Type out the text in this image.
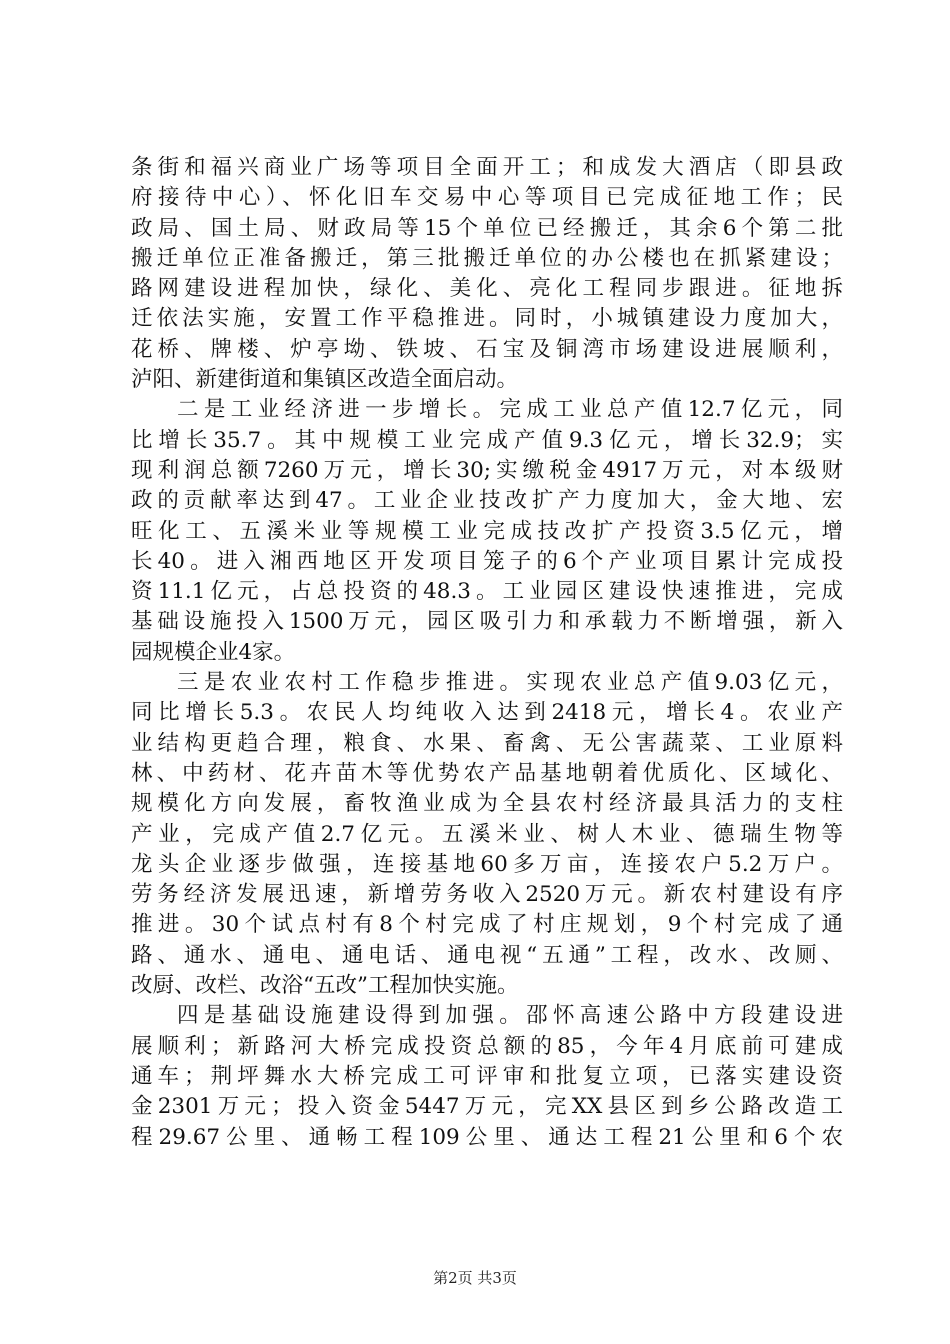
条街和福兴商业广场等项目全面开工；和成发大酒店（即县政
府接待中心）、怀化旧车交易中心等项目已完成征地工作；民
政局、国土局、财政局等15个单位已经搬迁，其余6个第二批
搬迁单位正准备搬迁，第三批搬迁单位的办公楼也在抓紧建设；
路网建设进程加快，绿化、美化、亮化工程同步跟进。征地拆
迁依法实施，安置工作平稳推进。同时，小城镇建设力度加大，
花桥、牌楼、炉亭坳、铁坡、石宝及铜湾市场建设进展顺利，
泸阳、新建街道和集镇区改造全面启动。
二是工业经济进一步增长。完成工业总产值12.7亿元，同
比增长35.7。其中规模工业完成产值9.3亿元，增长32.9；实
现利润总额7260万元，增长30;实缴税金4917万元，对本级财
政的贡献率达到47。工业企业技改扩产力度加大，金大地、宏
旺化工、五溪米业等规模工业完成技改扩产投资3.5亿元，增
长40。进入湘西地区开发项目笼子的6个产业项目累计完成投
资11.1亿元，占总投资的48.3。工业园区建设快速推进，完成
基础设施投入1500万元，园区吸引力和承载力不断增强，新入
园规模企业4家。
三是农业农村工作稳步推进。实现农业总产值9.03亿元，
同比增长5.3。农民人均纯收入达到2418元，增长4。农业产
业结构更趋合理，粮食、水果、畜禽、无公害蔬菜、工业原料
林、中药材、花卉苗木等优势农产品基地朝着优质化、区域化、
规模化方向发展，畜牧渔业成为全县农村经济最具活力的支柱
产业，完成产值2.7亿元。五溪米业、树人木业、德瑞生物等
龙头企业逐步做强，连接基地60多万亩，连接农户5.2万户。
劳务经济发展迅速，新增劳务收入2520万元。新农村建设有序
推进。30个试点村有8个村完成了村庄规划，9个村完成了通
路、通水、通电、通电话、通电视“五通”工程，改水、改厕、
改厨、改栏、改浴“五改”工程加快实施。
四是基础设施建设得到加强。邵怀高速公路中方段建设进
展顺利；新路河大桥完成投资总额的85，今年4月底前可建成
通车；荆坪舞水大桥完成工可评审和批复立项，已落实建设资
金2301万元；投入资金5447万元，完XX县区到乡公路改造工
程29.67公里、通畅工程109公里、通达工程21公里和6个农
第2页 共3页
